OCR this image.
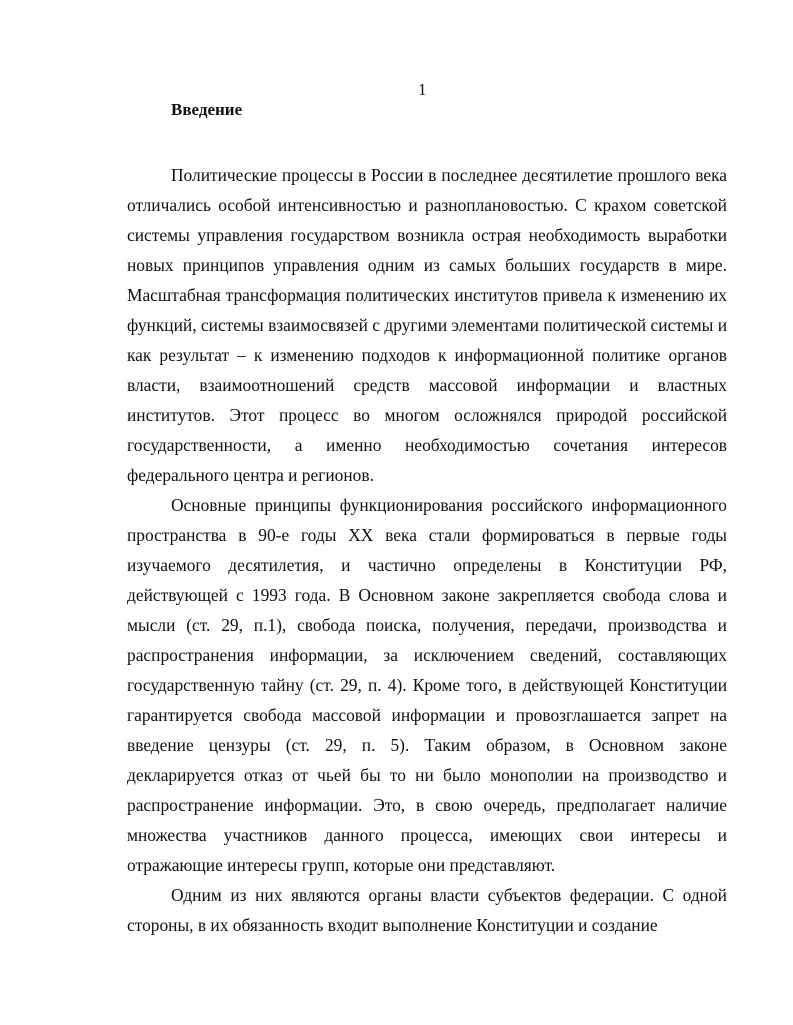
1
Введение

Политические процессы в России в последнее десятилетие прошлого века отличались особой интенсивностью и разноплановостью. С крахом советской системы управления государством возникла острая необходимость выработки новых принципов управления одним из самых больших государств в мире. Масштабная трансформация политических институтов привела к изменению их функций, системы взаимосвязей с другими элементами политической системы и как результат – к изменению подходов к информационной политике органов власти, взаимоотношений средств массовой информации и властных институтов. Этот процесс во многом осложнялся природой российской государственности, а именно необходимостью сочетания интересов федерального центра и регионов.

Основные принципы функционирования российского информационного пространства в 90-е годы XX века стали формироваться в первые годы изучаемого десятилетия, и частично определены в Конституции РФ, действующей с 1993 года. В Основном законе закрепляется свобода слова и мысли (ст. 29, п.1), свобода поиска, получения, передачи, производства и распространения информации, за исключением сведений, составляющих государственную тайну (ст. 29, п. 4). Кроме того, в действующей Конституции гарантируется свобода массовой информации и провозглашается запрет на введение цензуры (ст. 29, п. 5). Таким образом, в Основном законе декларируется отказ от чьей бы то ни было монополии на производство и распространение информации. Это, в свою очередь, предполагает наличие множества участников данного процесса, имеющих свои интересы и отражающие интересы групп, которые они представляют.

Одним из них являются органы власти субъектов федерации. С одной стороны, в их обязанность входит выполнение Конституции и создание
